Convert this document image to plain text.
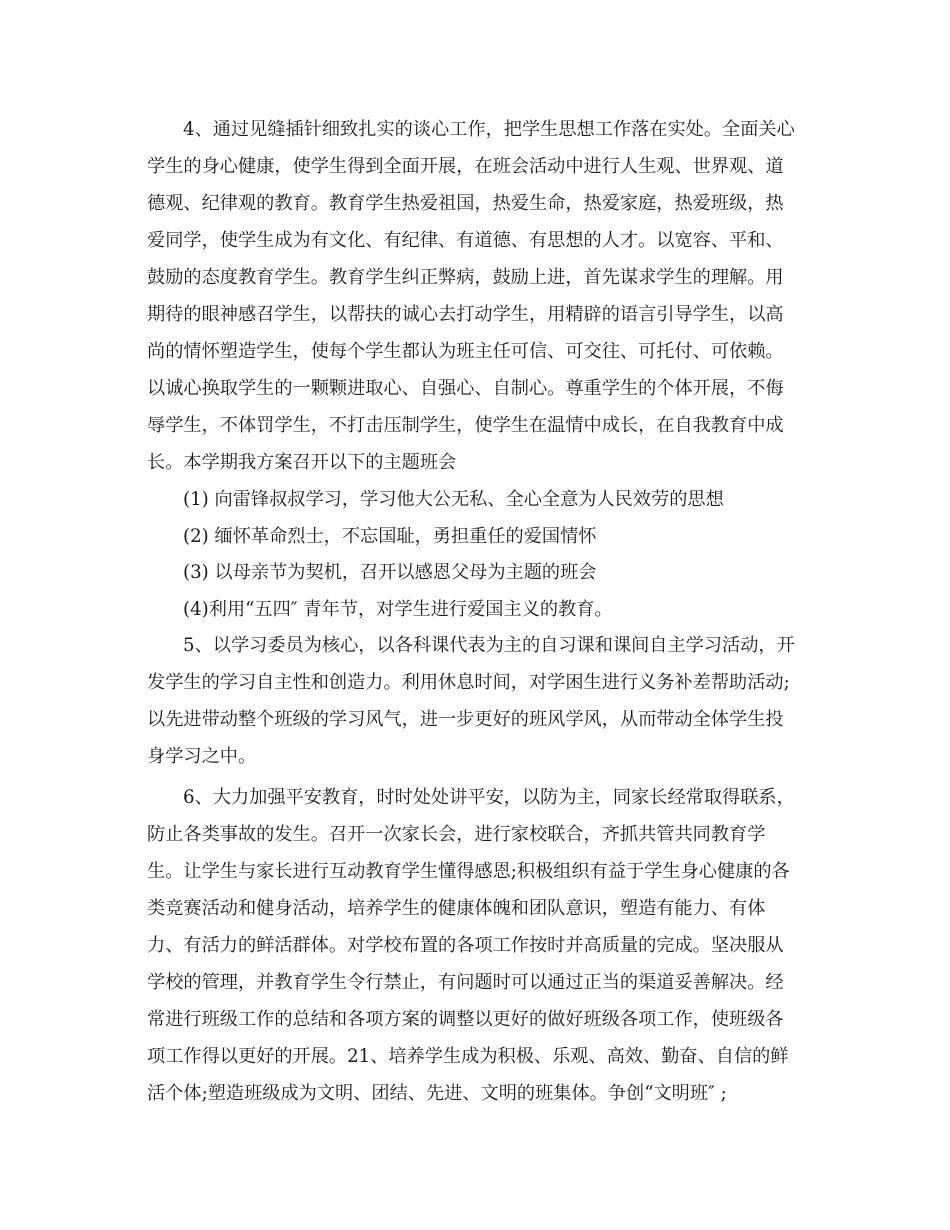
4、通过见缝插针细致扎实的谈心工作，把学生思想工作落在实处。全面关心
学生的身心健康，使学生得到全面开展，在班会活动中进行人生观、世界观、道
德观、纪律观的教育。教育学生热爱祖国，热爱生命，热爱家庭，热爱班级，热
爱同学，使学生成为有文化、有纪律、有道德、有思想的人才。以宽容、平和、
鼓励的态度教育学生。教育学生纠正弊病，鼓励上进，首先谋求学生的理解。用
期待的眼神感召学生，以帮扶的诚心去打动学生，用精辟的语言引导学生，以高
尚的情怀塑造学生，使每个学生都认为班主任可信、可交往、可托付、可依赖。
以诚心换取学生的一颗颗进取心、自强心、自制心。尊重学生的个体开展，不侮
辱学生，不体罚学生，不打击压制学生，使学生在温情中成长，在自我教育中成
长。本学期我方案召开以下的主题班会
(1) 向雷锋叔叔学习，学习他大公无私、全心全意为人民效劳的思想
(2) 缅怀革命烈士，不忘国耻，勇担重任的爱国情怀
(3) 以母亲节为契机，召开以感恩父母为主题的班会
(4)利用“五四″ 青年节，对学生进行爱国主义的教育。
5、以学习委员为核心，以各科课代表为主的自习课和课间自主学习活动，开
发学生的学习自主性和创造力。利用休息时间，对学困生进行义务补差帮助活动;
以先进带动整个班级的学习风气，进一步更好的班风学风，从而带动全体学生投
身学习之中。
6、大力加强平安教育，时时处处讲平安，以防为主，同家长经常取得联系，
防止各类事故的发生。召开一次家长会，进行家校联合，齐抓共管共同教育学
生。让学生与家长进行互动教育学生懂得感恩;积极组织有益于学生身心健康的各
类竞赛活动和健身活动，培养学生的健康体魄和团队意识，塑造有能力、有体
力、有活力的鲜活群体。对学校布置的各项工作按时并高质量的完成。坚决服从
学校的管理，并教育学生令行禁止，有问题时可以通过正当的渠道妥善解决。经
常进行班级工作的总结和各项方案的调整以更好的做好班级各项工作，使班级各
项工作得以更好的开展。21、培养学生成为积极、乐观、高效、勤奋、自信的鲜
活个体;塑造班级成为文明、团结、先进、文明的班集体。争创“文明班″ ;
